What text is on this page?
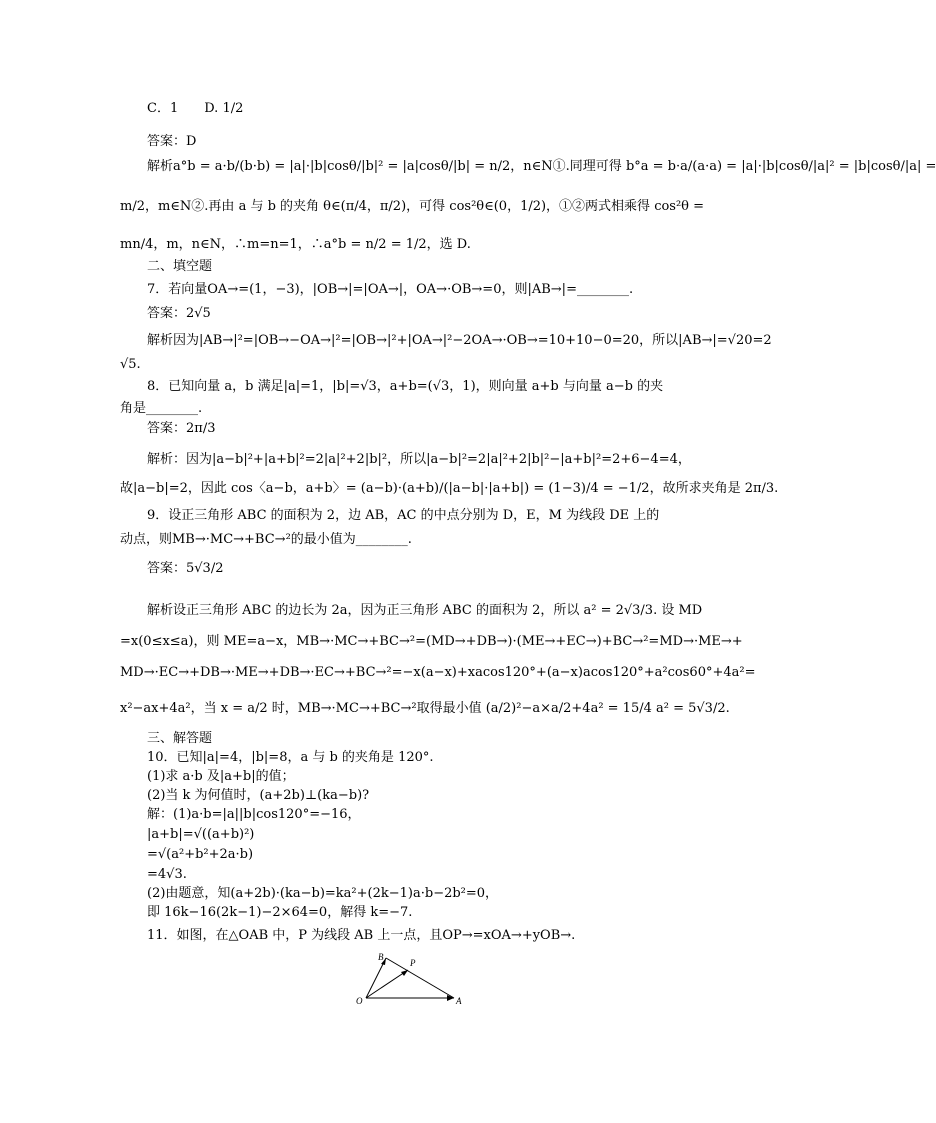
C．1　　D. 1/2
答案：D
解析a°b = a·b/(b·b) = |a|·|b|cosθ/|b|² = |a|cosθ/|b| = n/2，n∈N①.同理可得 b°a = b·a/(a·a) = |a|·|b|cosθ/|a|² = |b|cosθ/|a| =
m/2，m∈N②.再由 a 与 b 的夹角 θ∈(π/4，π/2)，可得 cos²θ∈(0，1/2)，①②两式相乘得 cos²θ =
mn/4，m，n∈N，∴m=n=1，∴a°b = n/2 = 1/2，选 D.
二、填空题
7．若向量OA→=(1，−3)，|OB→|=|OA→|，OA→·OB→=0，则|AB→|=________.
答案：2√5
解析因为|AB→|²=|OB→−OA→|²=|OB→|²+|OA→|²−2OA→·OB→=10+10−0=20，所以|AB→|=√20=2
√5.
8．已知向量 a，b 满足|a|=1，|b|=√3，a+b=(√3，1)，则向量 a+b 与向量 a−b 的夹
角是________.
答案：2π/3
解析：因为|a−b|²+|a+b|²=2|a|²+2|b|²，所以|a−b|²=2|a|²+2|b|²−|a+b|²=2+6−4=4，
故|a−b|=2，因此 cos〈a−b，a+b〉= (a−b)·(a+b)/(|a−b|·|a+b|) = (1−3)/4 = −1/2，故所求夹角是 2π/3.
9．设正三角形 ABC 的面积为 2，边 AB，AC 的中点分别为 D，E，M 为线段 DE 上的
动点，则MB→·MC→+BC→²的最小值为________.
答案：5√3/2
解析设正三角形 ABC 的边长为 2a，因为正三角形 ABC 的面积为 2，所以 a² = 2√3/3. 设 MD
=x(0≤x≤a)，则 ME=a−x，MB→·MC→+BC→²=(MD→+DB→)·(ME→+EC→)+BC→²=MD→·ME→+
MD→·EC→+DB→·ME→+DB→·EC→+BC→²=−x(a−x)+xacos120°+(a−x)acos120°+a²cos60°+4a²=
x²−ax+4a²，当 x = a/2 时，MB→·MC→+BC→²取得最小值 (a/2)²−a×a/2+4a² = 15/4 a² = 5√3/2.
三、解答题
10．已知|a|=4，|b|=8，a 与 b 的夹角是 120°.
(1)求 a·b 及|a+b|的值；
(2)当 k 为何值时，(a+2b)⊥(ka−b)?
解：(1)a·b=|a||b|cos120°=−16，
|a+b|=√((a+b)²)
=√(a²+b²+2a·b)
=4√3.
(2)由题意，知(a+2b)·(ka−b)=ka²+(2k−1)a·b−2b²=0，
即 16k−16(2k−1)−2×64=0，解得 k=−7.
11．如图，在△OAB 中，P 为线段 AB 上一点，且OP→=xOA→+yOB→.
B
P
O	A
